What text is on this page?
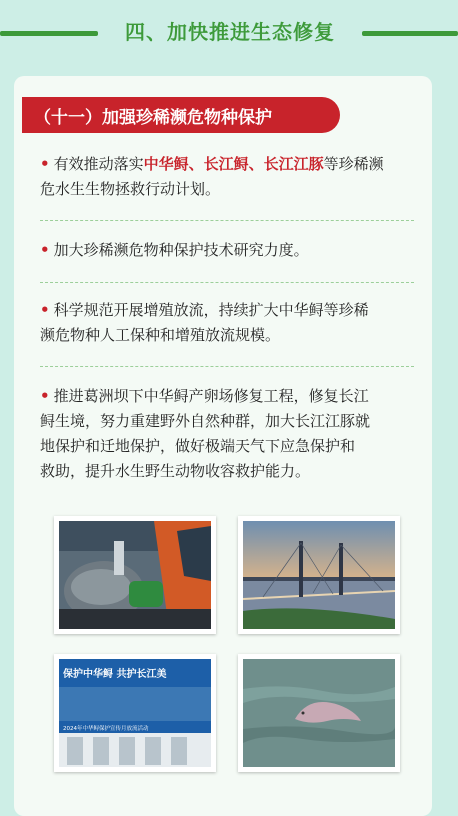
四、加快推进生态修复
（十一）加强珍稀濒危物种保护
• 有效推动落实中华鲟、长江鲟、长江江豚等珍稀濒
危水生生物拯救行动计划。
• 加大珍稀濒危物种保护技术研究力度。
• 科学规范开展增殖放流，持续扩大中华鲟等珍稀
濒危物种人工保种和增殖放流规模。
• 推进葛洲坝下中华鲟产卵场修复工程，修复长江
鲟生境，努力重建野外自然种群，加大长江江豚就
地保护和迁地保护，做好极端天气下应急保护和
救助，提升水生野生动物收容救护能力。
保护中华鲟 共护长江美
2024年中华鲟保护宣传月放流活动
